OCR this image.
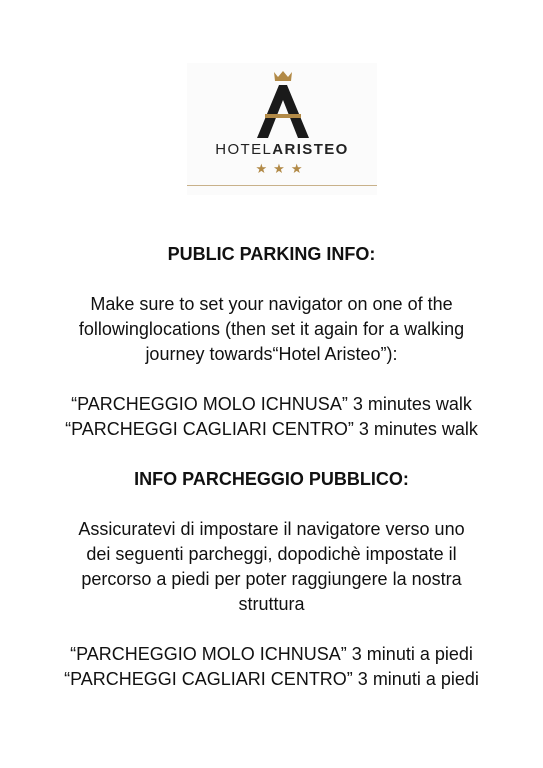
HOTELARISTEO
★★★

PUBLIC PARKING INFO:

Make sure to set your navigator on one of the

followinglocations (then set it again for a walking

journey towards“Hotel Aristeo”):

“PARCHEGGIO MOLO ICHNUSA” 3 minutes walk

“PARCHEGGI CAGLIARI CENTRO” 3 minutes walk

INFO PARCHEGGIO PUBBLICO:

Assicuratevi di impostare il navigatore verso uno

dei seguenti parcheggi, dopodichè impostate il

percorso a piedi per poter raggiungere la nostra

struttura

“PARCHEGGIO MOLO ICHNUSA” 3 minuti a piedi

“PARCHEGGI CAGLIARI CENTRO” 3 minuti a piedi
